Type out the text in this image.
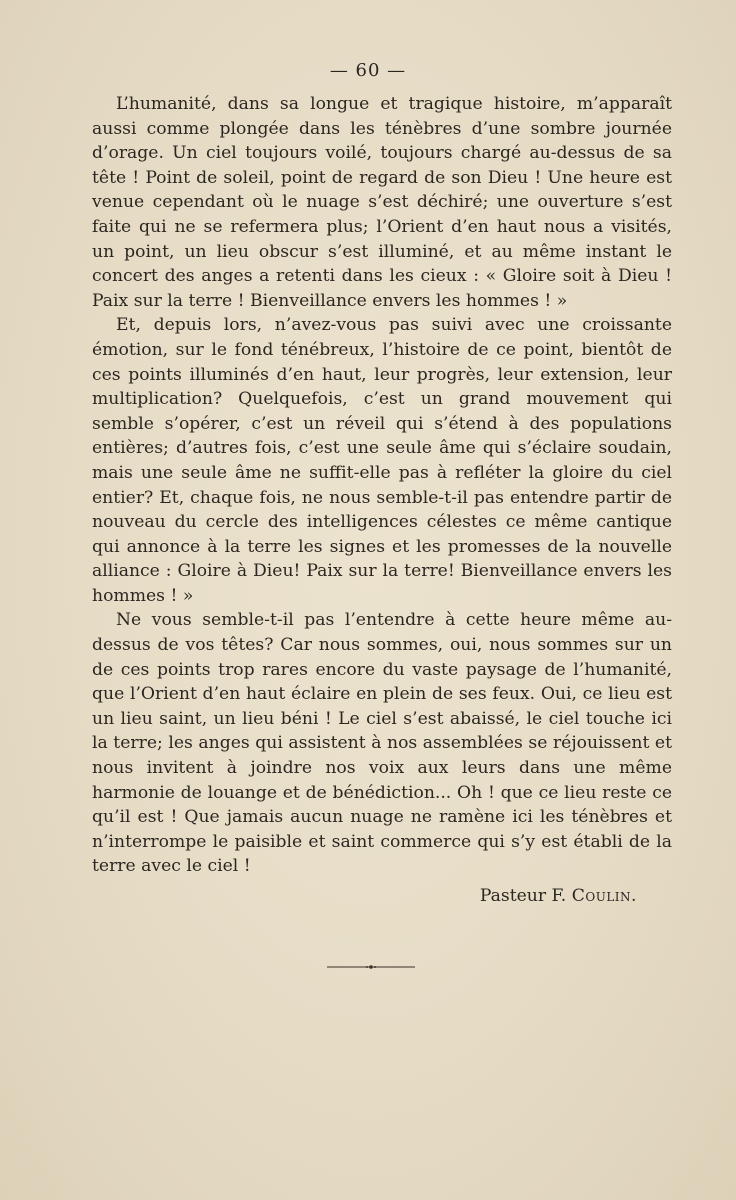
— 60 —

L’humanité, dans sa longue et tragique histoire, m’apparaît aussi comme plongée dans les ténèbres d’une sombre journée d’orage. Un ciel toujours voilé, toujours chargé au-dessus de sa tête ! Point de soleil, point de regard de son Dieu ! Une heure est venue cependant où le nuage s’est déchiré; une ouverture s’est faite qui ne se refermera plus; l’Orient d’en haut nous a visités, un point, un lieu obscur s’est illuminé, et au même instant le concert des anges a retenti dans les cieux : « Gloire soit à Dieu ! Paix sur la terre ! Bienveillance envers les hommes ! »

Et, depuis lors, n’avez-vous pas suivi avec une croissante émotion, sur le fond ténébreux, l’histoire de ce point, bientôt de ces points illuminés d’en haut, leur progrès, leur extension, leur multiplication? Quelquefois, c’est un grand mouvement qui semble s’opérer, c’est un réveil qui s’étend à des populations entières; d’autres fois, c’est une seule âme qui s’éclaire soudain, mais une seule âme ne suffit-elle pas à refléter la gloire du ciel entier? Et, chaque fois, ne nous semble-t-il pas entendre partir de nouveau du cercle des intelligences célestes ce même cantique qui annonce à la terre les signes et les promesses de la nouvelle alliance : Gloire à Dieu! Paix sur la terre! Bienveillance envers les hommes ! »

Ne vous semble-t-il pas l’entendre à cette heure même au-dessus de vos têtes? Car nous sommes, oui, nous sommes sur un de ces points trop rares encore du vaste paysage de l’humanité, que l’Orient d’en haut éclaire en plein de ses feux. Oui, ce lieu est un lieu saint, un lieu béni ! Le ciel s’est abaissé, le ciel touche ici la terre; les anges qui assistent à nos assemblées se réjouissent et nous invitent à joindre nos voix aux leurs dans une même harmonie de louange et de bénédiction... Oh ! que ce lieu reste ce qu’il est ! Que jamais aucun nuage ne ramène ici les ténèbres et n’interrompe le paisible et saint commerce qui s’y est établi de la terre avec le ciel !

Pasteur F. Coulin.
